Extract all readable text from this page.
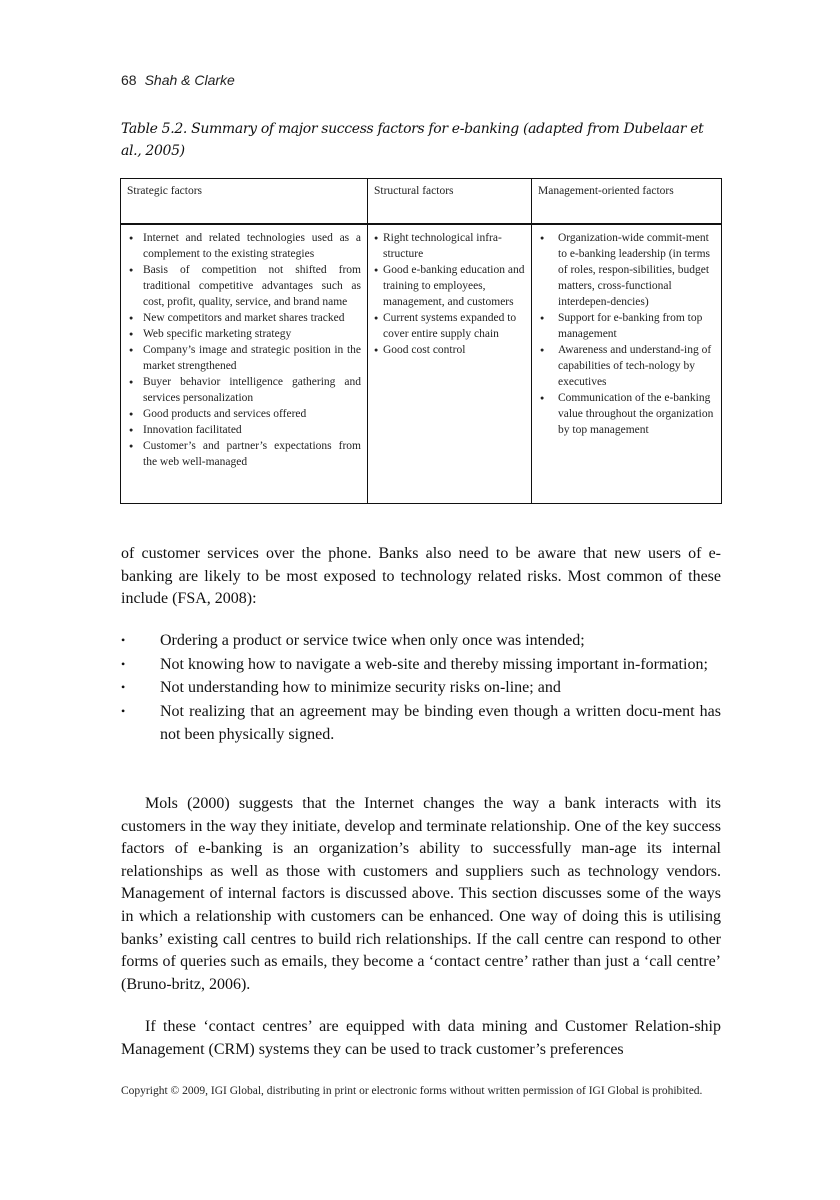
68 Shah & Clarke
Table 5.2. Summary of major success factors for e-banking (adapted from Dubelaar et al., 2005)
Strategic factors	Structural factors	Management-oriented factors

● Internet and related technologies used as a complement to the existing strategies
● Basis of competition not shifted from traditional competitive advantages such as cost, profit, quality, service, and brand name
● New competitors and market shares tracked
● Web specific marketing strategy
● Company’s image and strategic position in the market strengthened
● Buyer behavior intelligence gathering and services personalization
● Good products and services offered
● Innovation facilitated
● Customer’s and partner’s expectations from the web well-managed

● Right technological infra-structure
● Good e-banking education and training to employees, management, and customers
● Current systems expanded to cover entire supply chain
● Good cost control

● Organization-wide commit-ment to e-banking leadership (in terms of roles, respon-sibilities, budget matters, cross-functional interdepen-dencies)
● Support for e-banking from top management
● Awareness and understand-ing of capabilities of tech-nology by executives
● Communication of the e-banking value throughout the organization by top management

of customer services over the phone. Banks also need to be aware that new users of e-banking are likely to be most exposed to technology related risks. Most common of these include (FSA, 2008):

• Ordering a product or service twice when only once was intended;
• Not knowing how to navigate a web-site and thereby missing important in-formation;
• Not understanding how to minimize security risks on-line; and
• Not realizing that an agreement may be binding even though a written docu-ment has not been physically signed.

Mols (2000) suggests that the Internet changes the way a bank interacts with its customers in the way they initiate, develop and terminate relationship. One of the key success factors of e-banking is an organization’s ability to successfully man-age its internal relationships as well as those with customers and suppliers such as technology vendors. Management of internal factors is discussed above. This section discusses some of the ways in which a relationship with customers can be enhanced. One way of doing this is utilising banks’ existing call centres to build rich relationships. If the call centre can respond to other forms of queries such as emails, they become a ‘contact centre’ rather than just a ‘call centre’ (Bruno-britz, 2006).

If these ‘contact centres’ are equipped with data mining and Customer Relation-ship Management (CRM) systems they can be used to track customer’s preferences

Copyright © 2009, IGI Global, distributing in print or electronic forms without written permission of IGI Global is prohibited.
